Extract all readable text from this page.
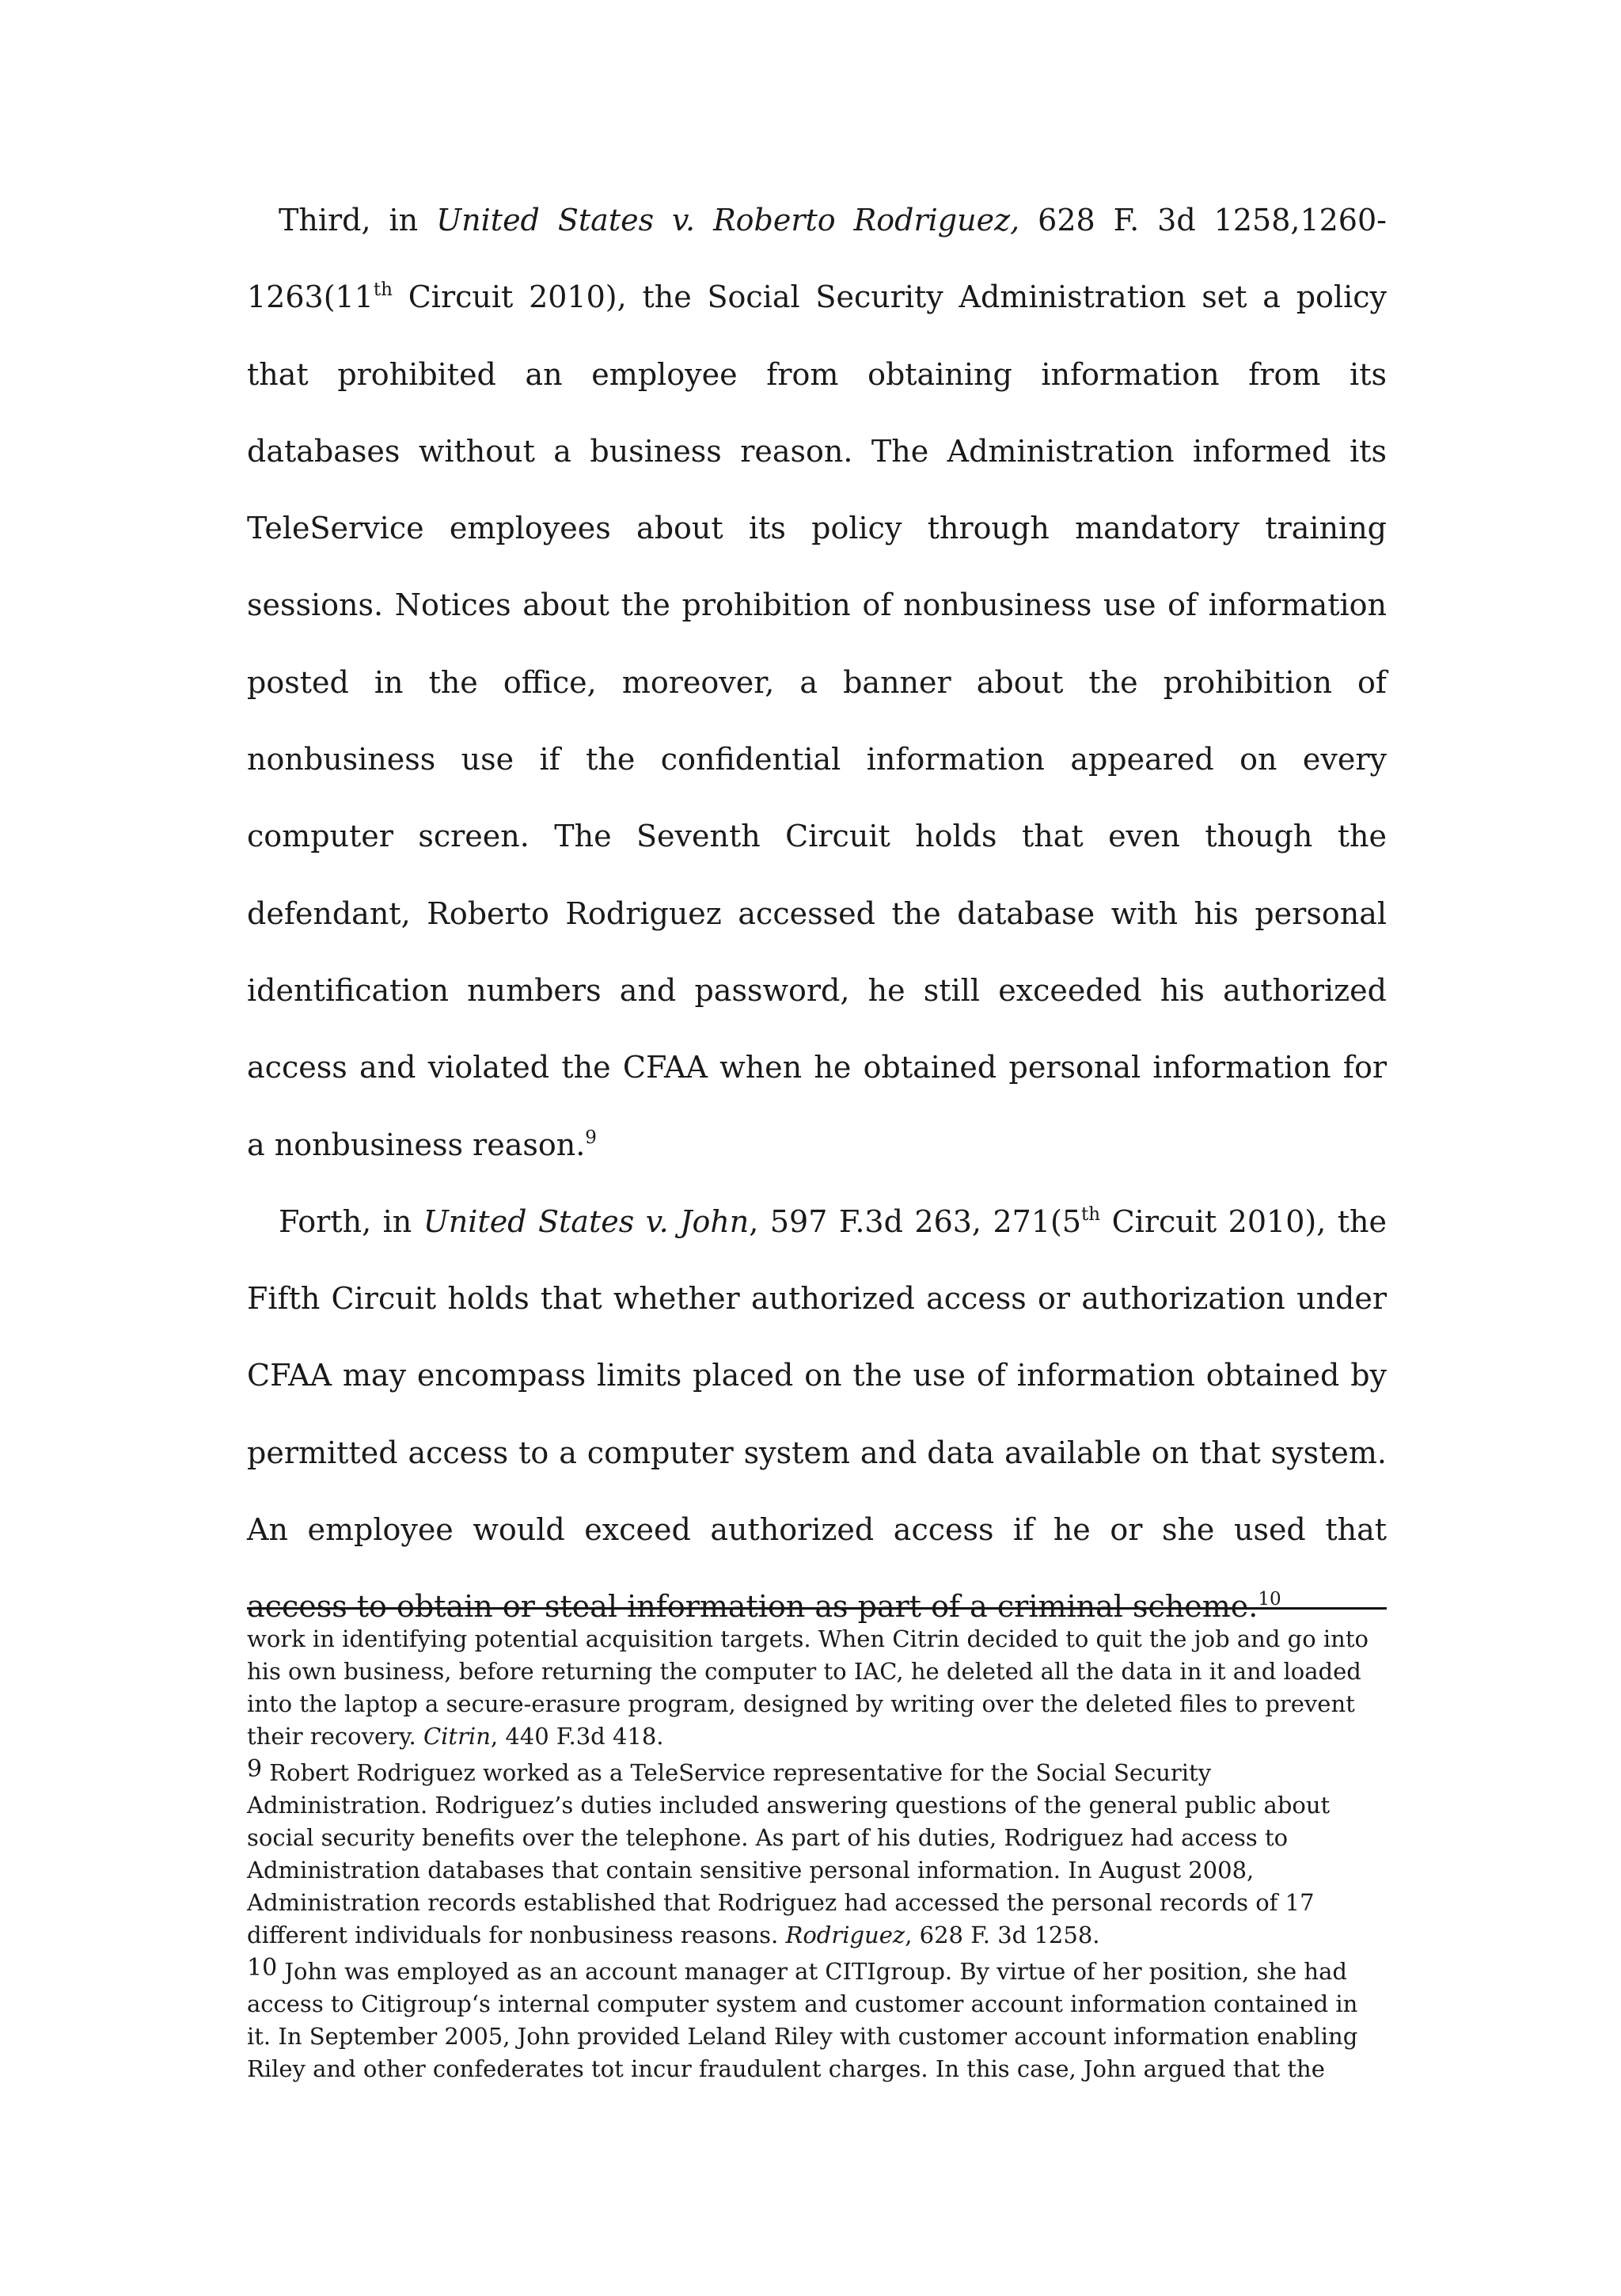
Third, in United States v. Roberto Rodriguez, 628 F. 3d 1258,1260-1263(11th Circuit 2010), the Social Security Administration set a policy that prohibited an employee from obtaining information from its databases without a business reason. The Administration informed its TeleService employees about its policy through mandatory training sessions. Notices about the prohibition of nonbusiness use of information posted in the office, moreover, a banner about the prohibition of nonbusiness use if the confidential information appeared on every computer screen. The Seventh Circuit holds that even though the defendant, Roberto Rodriguez accessed the database with his personal identification numbers and password, he still exceeded his authorized access and violated the CFAA when he obtained personal information for a nonbusiness reason.$^9$

Forth, in United States v. John, 597 F.3d 263, 271(5th Circuit 2010), the Fifth Circuit holds that whether authorized access or authorization under CFAA may encompass limits placed on the use of information obtained by permitted access to a computer system and data available on that system. An employee would exceed authorized access if he or she used that access to obtain or steal information as part of a criminal scheme.$^{10}$

work in identifying potential acquisition targets. When Citrin decided to quit the job and go into his own business, before returning the computer to IAC, he deleted all the data in it and loaded into the laptop a secure-erasure program, designed by writing over the deleted files to prevent their recovery. Citrin, 440 F.3d 418.

$^9$ Robert Rodriguez worked as a TeleService representative for the Social Security Administration. Rodriguez’s duties included answering questions of the general public about social security benefits over the telephone. As part of his duties, Rodriguez had access to Administration databases that contain sensitive personal information. In August 2008, Administration records established that Rodriguez had accessed the personal records of 17 different individuals for nonbusiness reasons. Rodriguez, 628 F. 3d 1258.

$^{10}$ John was employed as an account manager at CITIgroup. By virtue of her position, she had access to Citigroup‘s internal computer system and customer account information contained in it. In September 2005, John provided Leland Riley with customer account information enabling Riley and other confederates tot incur fraudulent charges. In this case, John argued that the
